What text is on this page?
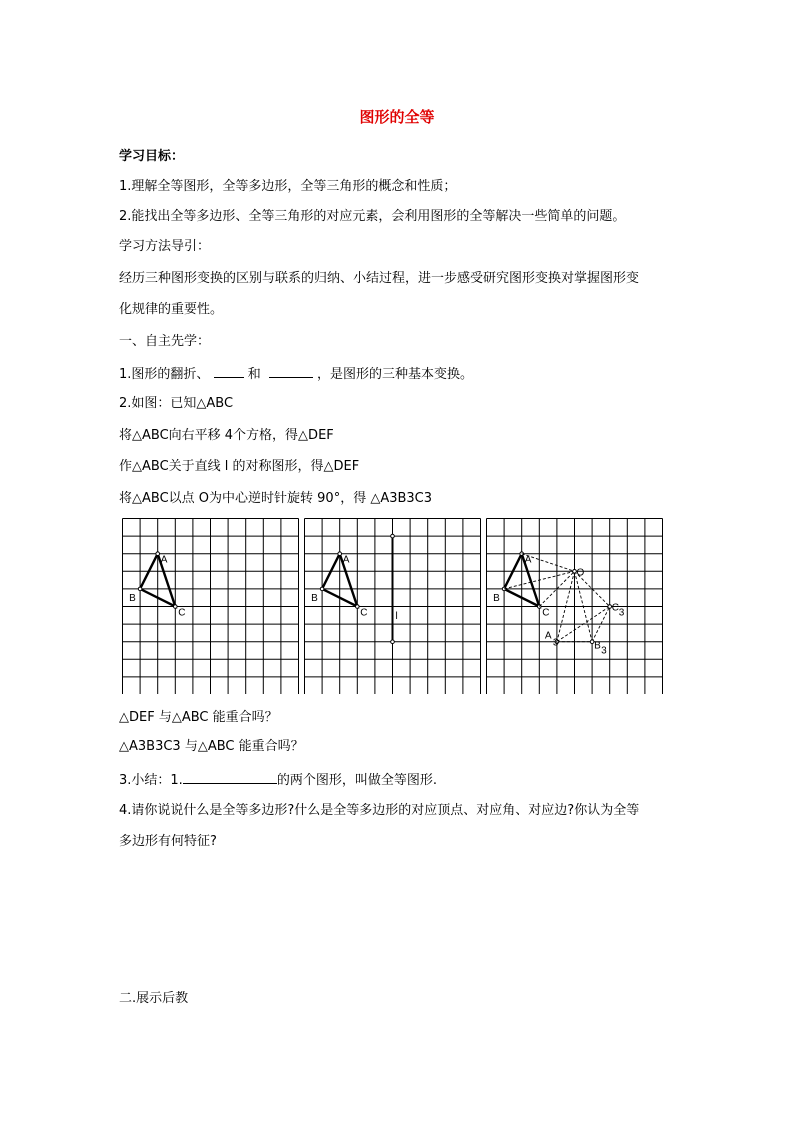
图形的全等
学习目标：
1.理解全等图形，全等多边形，全等三角形的概念和性质；
2.能找出全等多边形、全等三角形的对应元素，会利用图形的全等解决一些简单的问题。
学习方法导引：
经历三种图形变换的区别与联系的归纳、小结过程，进一步感受研究图形变换对掌握图形变
化规律的重要性。
一、自主先学：
1.图形的翻折、	和	，是图形的三种基本变换。
2.如图：已知△ABC
将△ABC向右平移 4个方格，得△DEF
作△ABC关于直线 l 的对称图形，得△DEF
将△ABC以点 O为中心逆时针旋转 90°，得 △A3B3C3
A
B
C
A
B
C	l
A
B
C
O
A
3	B 3
C 3
△DEF 与△ABC 能重合吗？
△A3B3C3 与△ABC 能重合吗？
3.小结：1.	的两个图形，叫做全等图形.
4.请你说说什么是全等多边形?什么是全等多边形的对应顶点、对应角、对应边?你认为全等
多边形有何特征?
二.展示后教
